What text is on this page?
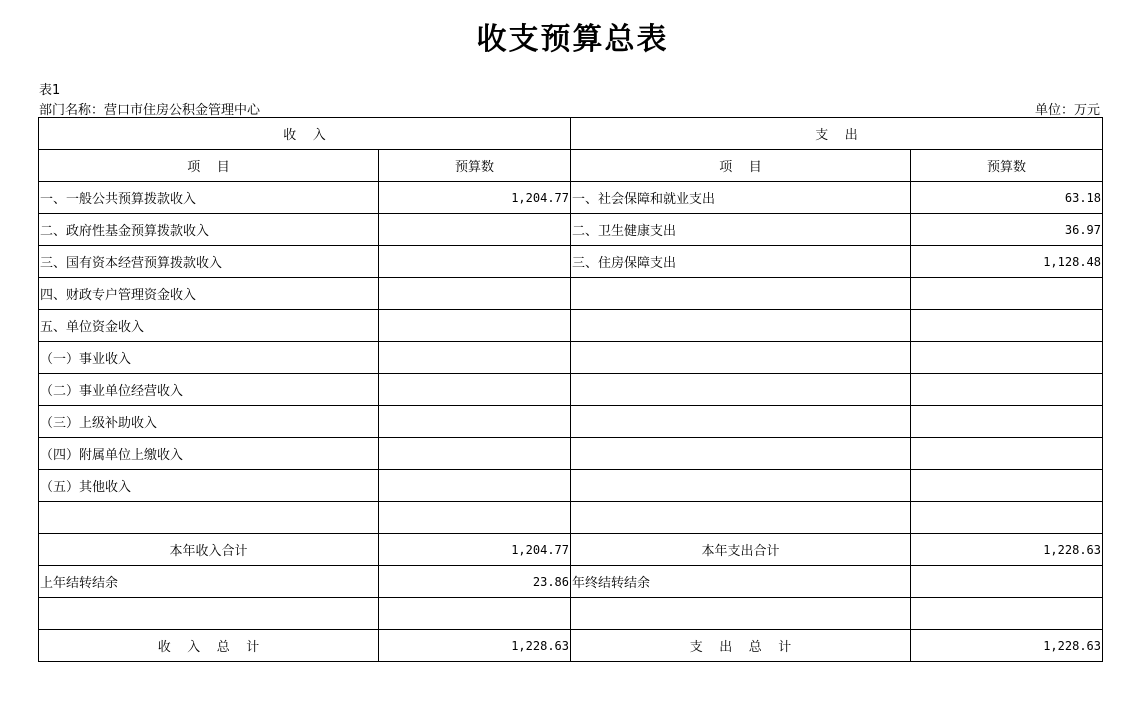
收支预算总表
表1
部门名称：营口市住房公积金管理中心	单位：万元
收    入		支    出	
项    目	预算数	项    目	预算数
一、一般公共预算拨款收入	1,204.77	一、社会保障和就业支出	63.18
二、政府性基金预算拨款收入		二、卫生健康支出	36.97
三、国有资本经营预算拨款收入		三、住房保障支出	1,128.48
四、财政专户管理资金收入			
五、单位资金收入			
（一）事业收入			
（二）事业单位经营收入			
（三）上级补助收入			
（四）附属单位上缴收入			
（五）其他收入			

本年收入合计	1,204.77	本年支出合计	1,228.63
上年结转结余	23.86	年终结转结余	

收    入    总    计	1,228.63	支    出    总    计	1,228.63
